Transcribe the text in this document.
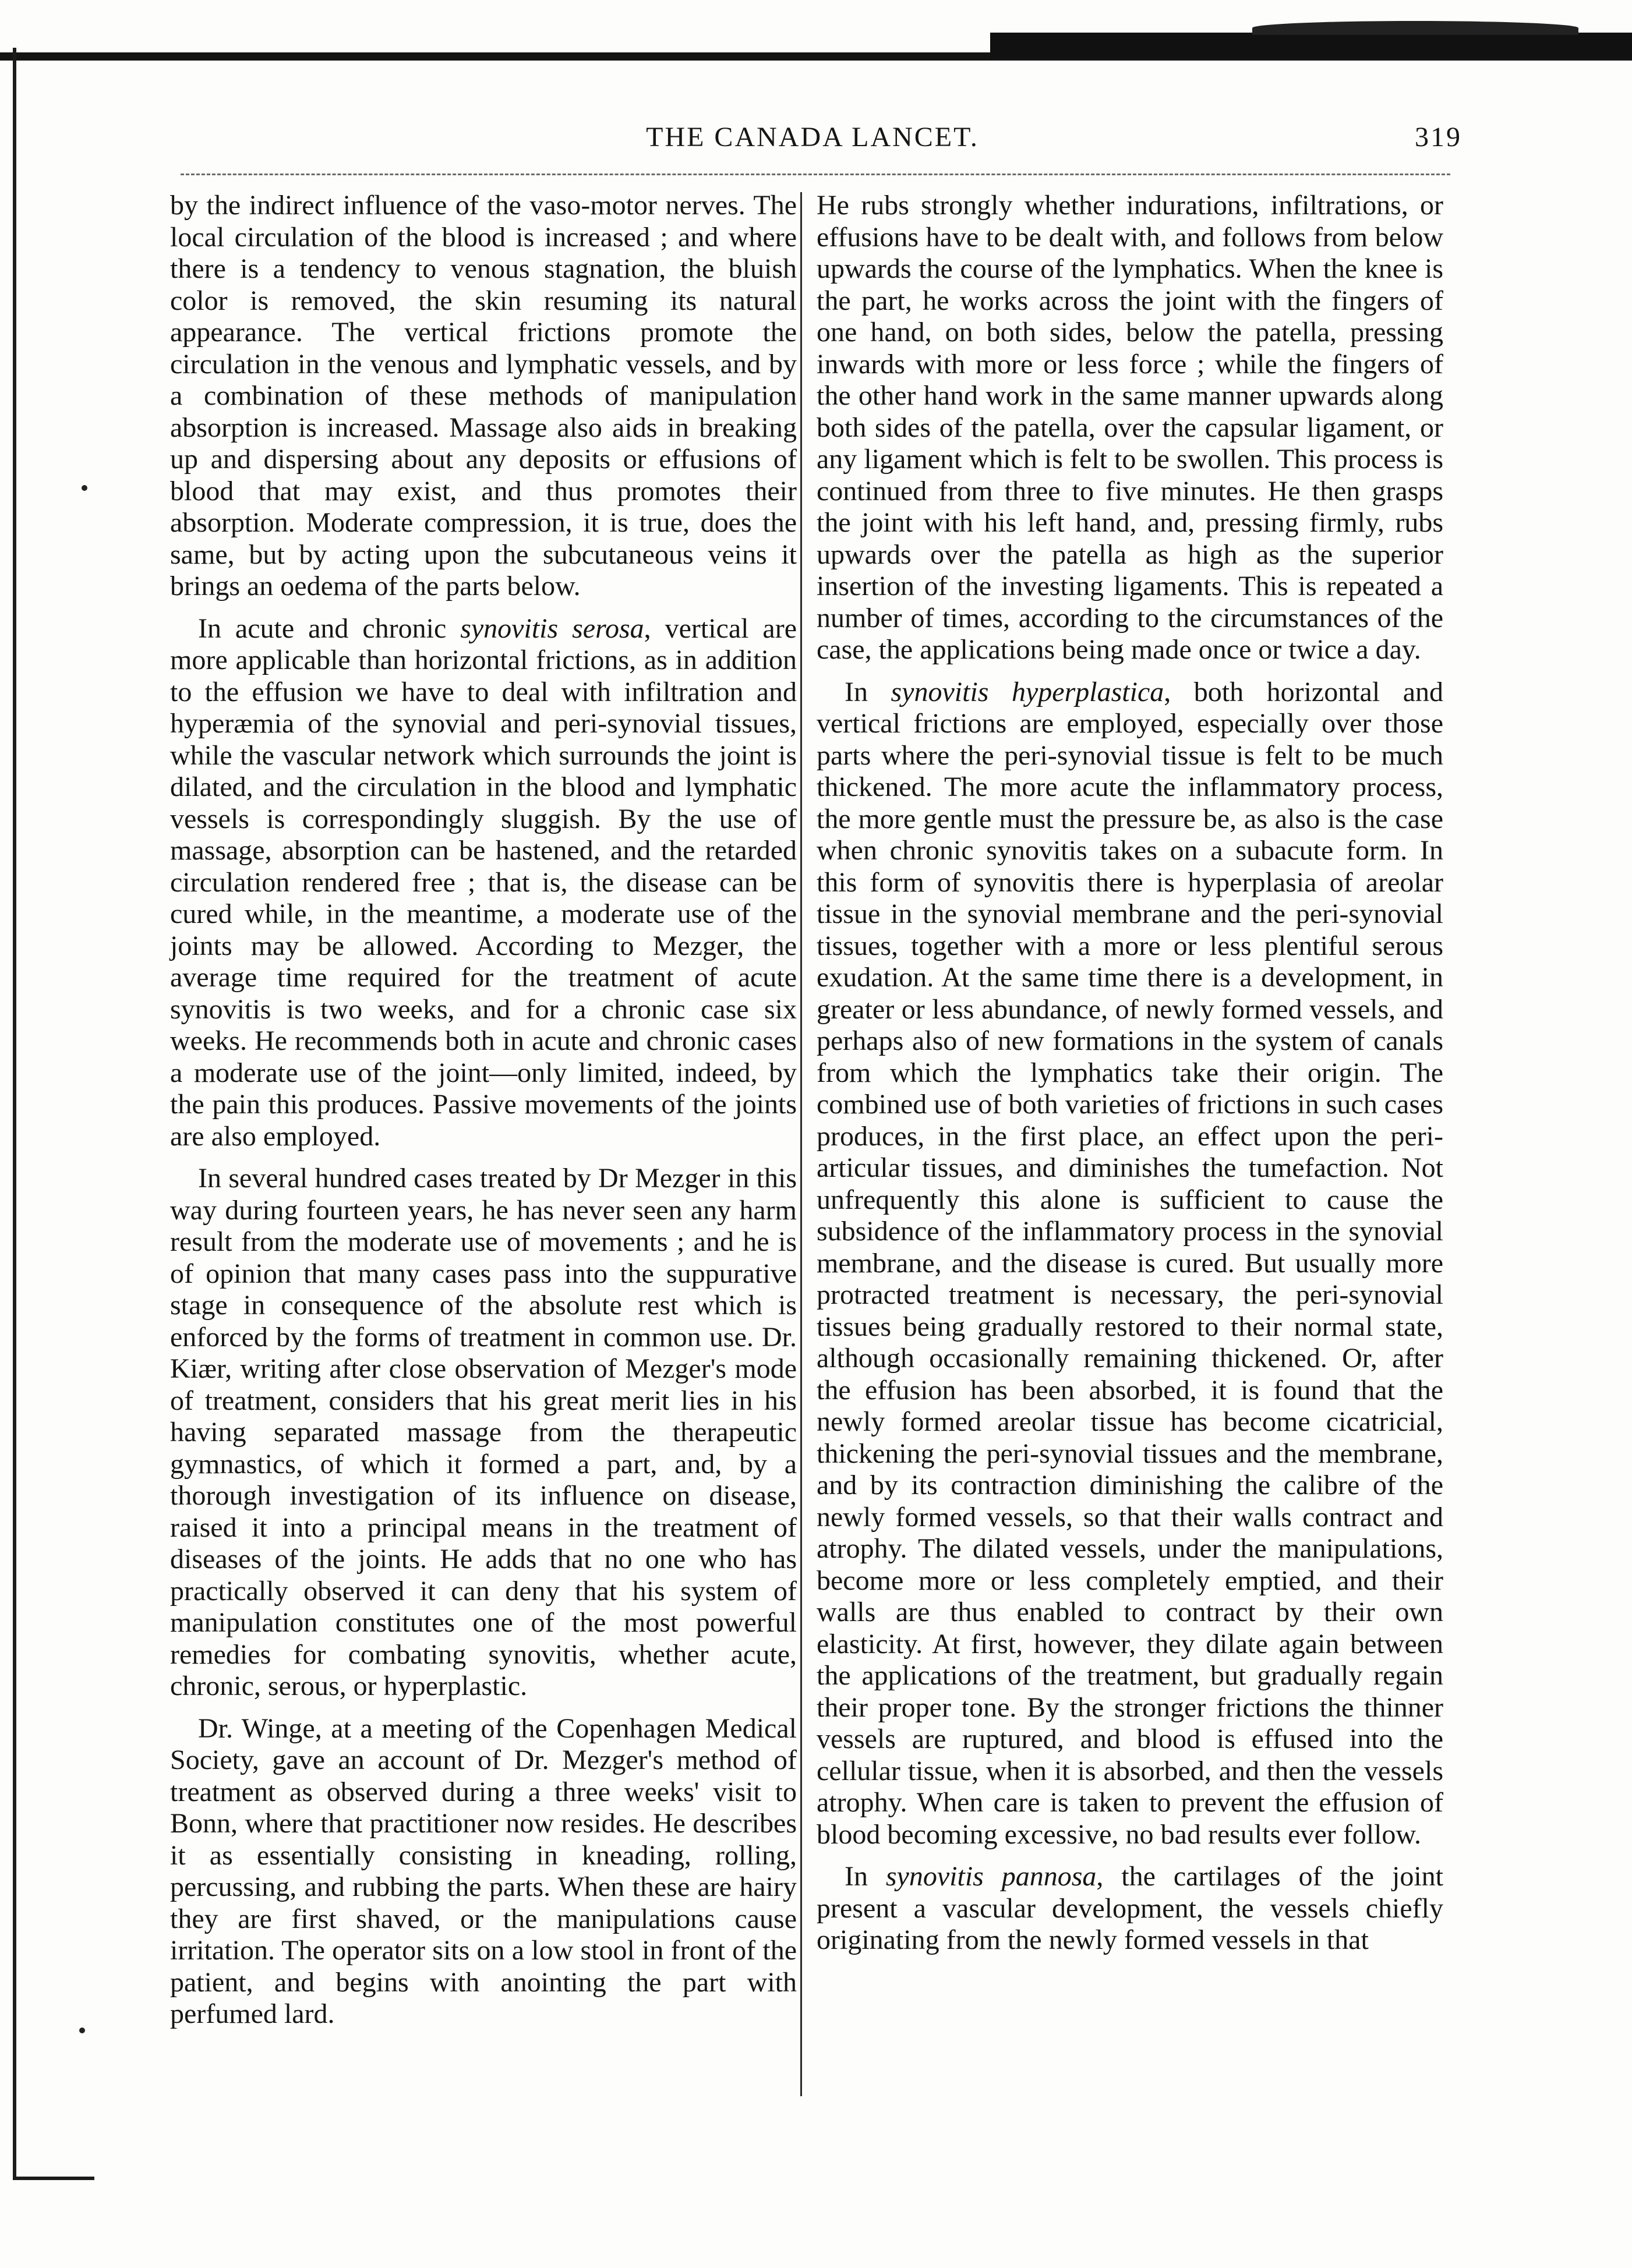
THE CANADA LANCET.	319

by the indirect influence of the vaso-motor nerves. The local circulation of the blood is increased ; and where there is a tendency to venous stagnation, the bluish color is removed, the skin resuming its natural appearance. The vertical frictions promote the circulation in the venous and lymphatic vessels, and by a combination of these methods of manipulation absorption is increased. Massage also aids in breaking up and dispersing about any deposits or effusions of blood that may exist, and thus promotes their absorption. Moderate compression, it is true, does the same, but by acting upon the subcutaneous veins it brings an oedema of the parts below.

In acute and chronic synovitis serosa, vertical are more applicable than horizontal frictions, as in addition to the effusion we have to deal with infiltration and hyperæmia of the synovial and peri-synovial tissues, while the vascular network which surrounds the joint is dilated, and the circulation in the blood and lymphatic vessels is correspondingly sluggish. By the use of massage, absorption can be hastened, and the retarded circulation rendered free ; that is, the disease can be cured while, in the meantime, a moderate use of the joints may be allowed. According to Mezger, the average time required for the treatment of acute synovitis is two weeks, and for a chronic case six weeks. He recommends both in acute and chronic cases a moderate use of the joint—only limited, indeed, by the pain this produces. Passive movements of the joints are also employed.

In several hundred cases treated by Dr Mezger in this way during fourteen years, he has never seen any harm result from the moderate use of movements ; and he is of opinion that many cases pass into the suppurative stage in consequence of the absolute rest which is enforced by the forms of treatment in common use. Dr. Kiær, writing after close observation of Mezger's mode of treatment, considers that his great merit lies in his having separated massage from the therapeutic gymnastics, of which it formed a part, and, by a thorough investigation of its influence on disease, raised it into a principal means in the treatment of diseases of the joints. He adds that no one who has practically observed it can deny that his system of manipulation constitutes one of the most powerful remedies for combating synovitis, whether acute, chronic, serous, or hyperplastic.

Dr. Winge, at a meeting of the Copenhagen Medical Society, gave an account of Dr. Mezger's method of treatment as observed during a three weeks' visit to Bonn, where that practitioner now resides. He describes it as essentially consisting in kneading, rolling, percussing, and rubbing the parts. When these are hairy they are first shaved, or the manipulations cause irritation. The operator sits on a low stool in front of the patient, and begins with anointing the part with perfumed lard.

He rubs strongly whether indurations, infiltrations, or effusions have to be dealt with, and follows from below upwards the course of the lymphatics. When the knee is the part, he works across the joint with the fingers of one hand, on both sides, below the patella, pressing inwards with more or less force ; while the fingers of the other hand work in the same manner upwards along both sides of the patella, over the capsular ligament, or any ligament which is felt to be swollen. This process is continued from three to five minutes. He then grasps the joint with his left hand, and, pressing firmly, rubs upwards over the patella as high as the superior insertion of the investing ligaments. This is repeated a number of times, according to the circumstances of the case, the applications being made once or twice a day.

In synovitis hyperplastica, both horizontal and vertical frictions are employed, especially over those parts where the peri-synovial tissue is felt to be much thickened. The more acute the inflammatory process, the more gentle must the pressure be, as also is the case when chronic synovitis takes on a subacute form. In this form of synovitis there is hyperplasia of areolar tissue in the synovial membrane and the peri-synovial tissues, together with a more or less plentiful serous exudation. At the same time there is a development, in greater or less abundance, of newly formed vessels, and perhaps also of new formations in the system of canals from which the lymphatics take their origin. The combined use of both varieties of frictions in such cases produces, in the first place, an effect upon the peri-articular tissues, and diminishes the tumefaction. Not unfrequently this alone is sufficient to cause the subsidence of the inflammatory process in the synovial membrane, and the disease is cured. But usually more protracted treatment is necessary, the peri-synovial tissues being gradually restored to their normal state, although occasionally remaining thickened. Or, after the effusion has been absorbed, it is found that the newly formed areolar tissue has become cicatricial, thickening the peri-synovial tissues and the membrane, and by its contraction diminishing the calibre of the newly formed vessels, so that their walls contract and atrophy. The dilated vessels, under the manipulations, become more or less completely emptied, and their walls are thus enabled to contract by their own elasticity. At first, however, they dilate again between the applications of the treatment, but gradually regain their proper tone. By the stronger frictions the thinner vessels are ruptured, and blood is effused into the cellular tissue, when it is absorbed, and then the vessels atrophy. When care is taken to prevent the effusion of blood becoming excessive, no bad results ever follow.

In synovitis pannosa, the cartilages of the joint present a vascular development, the vessels chiefly originating from the newly formed vessels in that
